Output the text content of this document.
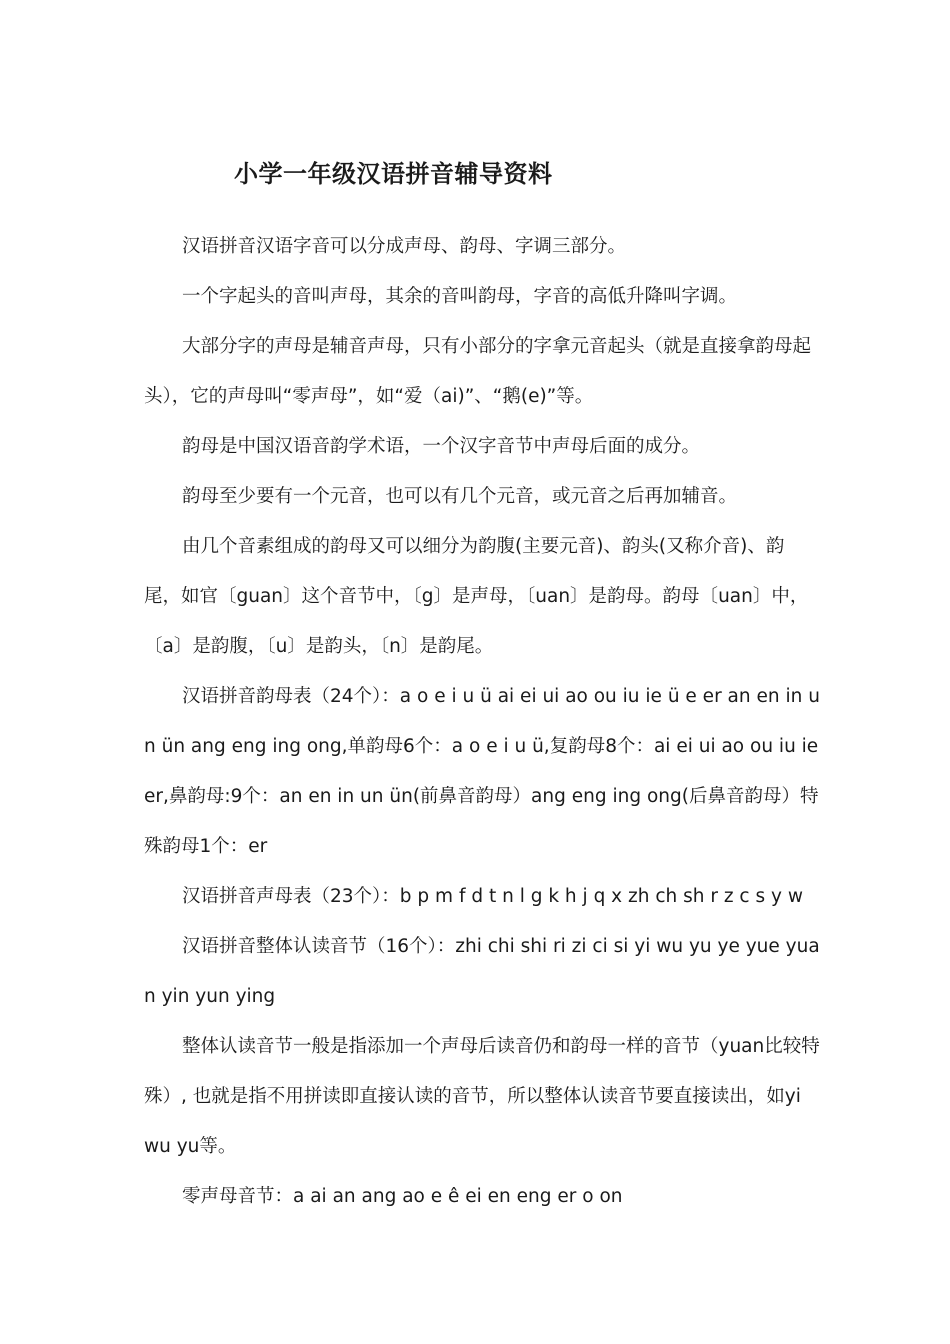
小学一年级汉语拼音辅导资料

汉语拼音汉语字音可以分成声母、韵母、字调三部分。

一个字起头的音叫声母，其余的音叫韵母，字音的高低升降叫字调。

大部分字的声母是辅音声母，只有小部分的字拿元音起头（就是直接拿韵母起头），它的声母叫“零声母”，如“爱（ai)”、“鹅(e)”等。

韵母是中国汉语音韵学术语，一个汉字音节中声母后面的成分。

韵母至少要有一个元音，也可以有几个元音，或元音之后再加辅音。

由几个音素组成的韵母又可以细分为韵腹(主要元音)、韵头(又称介音)、韵尾，如官〔guan〕这个音节中，〔g〕是声母，〔uan〕是韵母。韵母〔uan〕中，〔a〕是韵腹，〔u〕是韵头，〔n〕是韵尾。

汉语拼音韵母表（24个）：a o e i u ü ai ei ui ao ou iu ie ü e er an en in un ün ang eng ing ong,单韵母6个：a o e i u ü,复韵母8个：ai ei ui ao ou iu ie er,鼻韵母:9个：an en in un ün(前鼻音韵母）ang eng ing ong(后鼻音韵母）特殊韵母1个：er

汉语拼音声母表（23个）：b p m f d t n l g k h j q x zh ch sh r z c s y w

汉语拼音整体认读音节（16个）：zhi chi shi ri zi ci si yi wu yu ye yue yuan yin yun ying

整体认读音节一般是指添加一个声母后读音仍和韵母一样的音节（yuan比较特殊）, 也就是指不用拼读即直接认读的音节，所以整体认读音节要直接读出，如yi wu yu等。

零声母音节：a ai an ang ao e ê ei en eng er o on
